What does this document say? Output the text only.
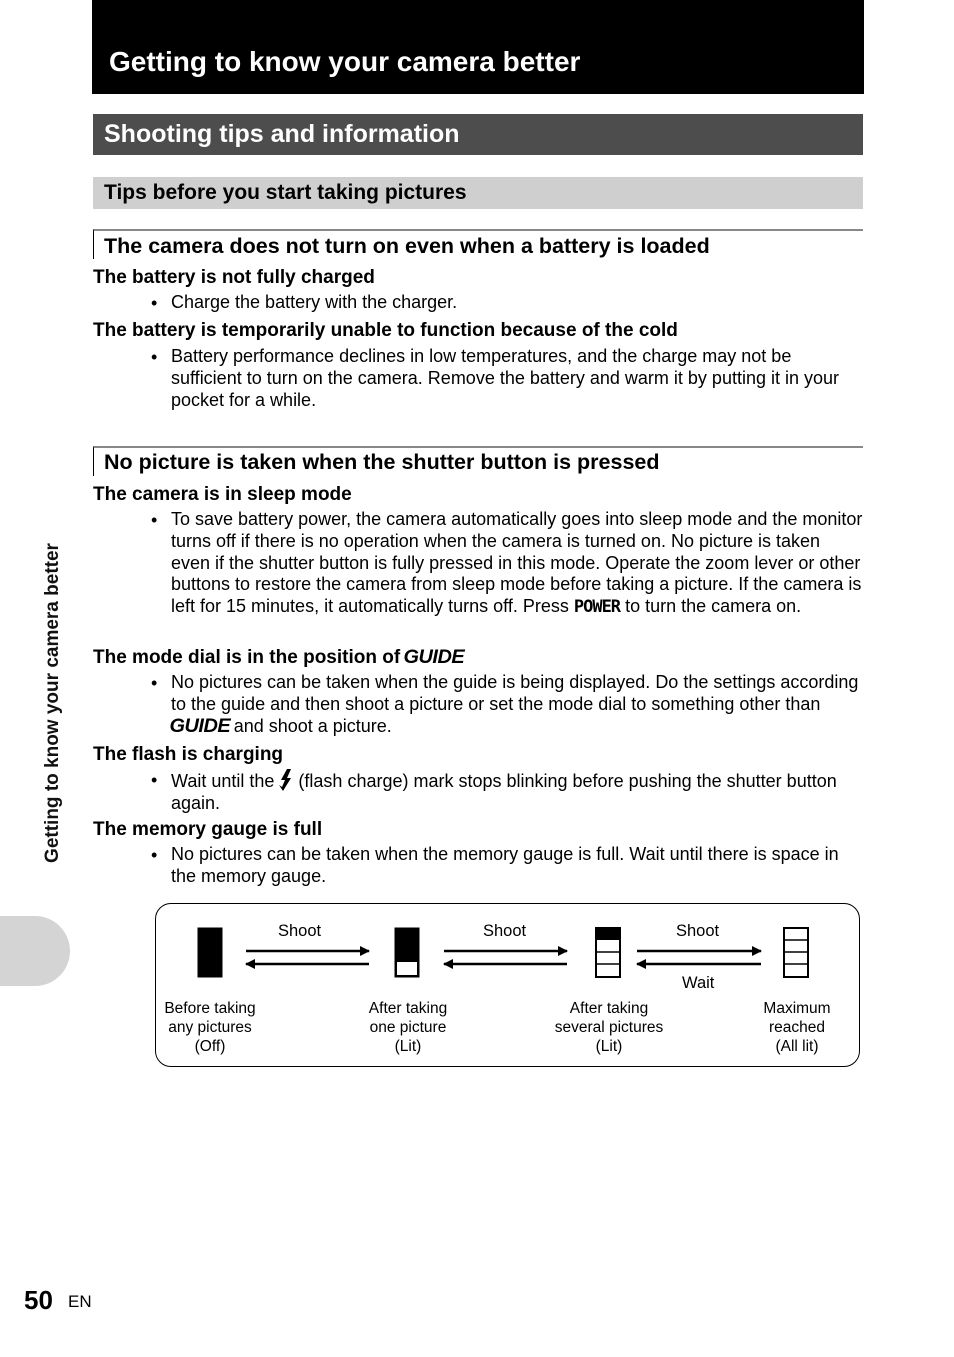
Getting to know your camera better
Shooting tips and information
Tips before you start taking pictures
The camera does not turn on even when a battery is loaded
The battery is not fully charged
• Charge the battery with the charger.
The battery is temporarily unable to function because of the cold
• Battery performance declines in low temperatures, and the charge may not be sufficient to turn on the camera. Remove the battery and warm it by putting it in your pocket for a while.
No picture is taken when the shutter button is pressed
The camera is in sleep mode
• To save battery power, the camera automatically goes into sleep mode and the monitor turns off if there is no operation when the camera is turned on. No picture is taken even if the shutter button is fully pressed in this mode. Operate the zoom lever or other buttons to restore the camera from sleep mode before taking a picture. If the camera is left for 15 minutes, it automatically turns off. Press POWER to turn the camera on.
The mode dial is in the position of GUIDE
• No pictures can be taken when the guide is being displayed. Do the settings according to the guide and then shoot a picture or set the mode dial to something other than GUIDE and shoot a picture.
The flash is charging
• Wait until the (flash charge) mark stops blinking before pushing the shutter button again.
The memory gauge is full
• No pictures can be taken when the memory gauge is full. Wait until there is space in the memory gauge.
Shoot	Shoot	Shoot
Wait
Before taking
any pictures
(Off)
After taking
one picture
(Lit)
After taking
several pictures
(Lit)
Maximum
reached
(All lit)
Getting to know your camera better
50 EN
